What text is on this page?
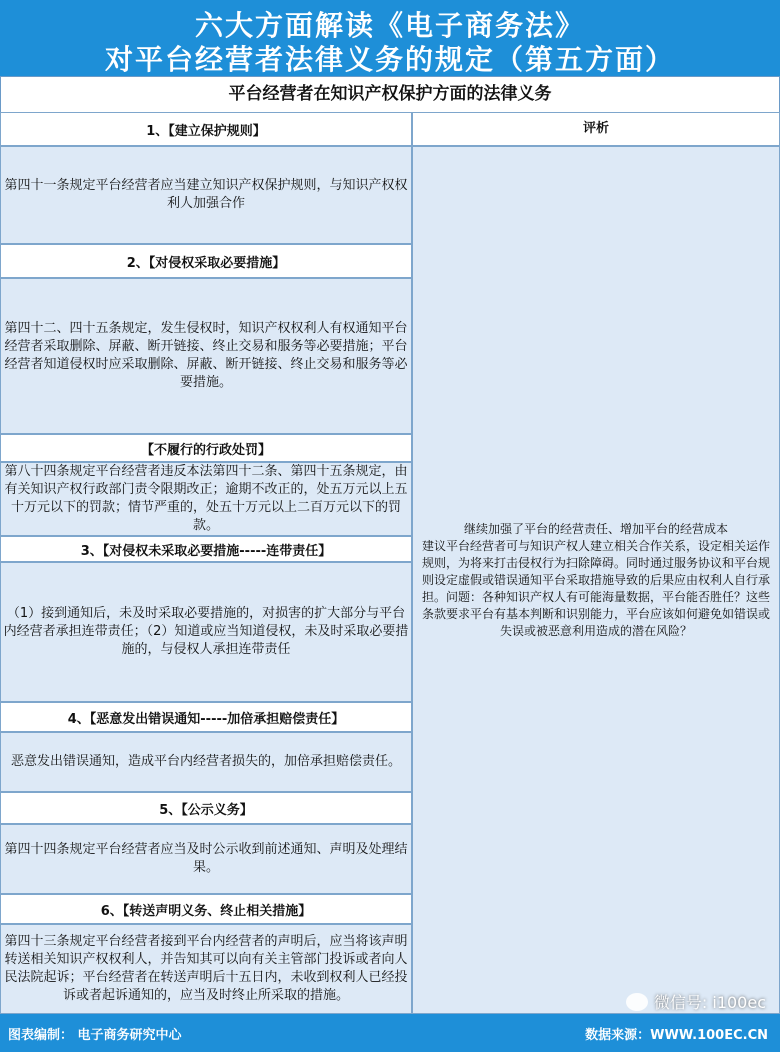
六大方面解读《电子商务法》
对平台经营者法律义务的规定（第五方面）
平台经营者在知识产权保护方面的法律义务
1、【建立保护规则】
第四十一条规定平台经营者应当建立知识产权保护规则，与知识产权权利人加强合作
2、【对侵权采取必要措施】
第四十二、四十五条规定，发生侵权时，知识产权权利人有权通知平台经营者采取删除、屏蔽、断开链接、终止交易和服务等必要措施；平台经营者知道侵权时应采取删除、屏蔽、断开链接、终止交易和服务等必要措施。
【不履行的行政处罚】
第八十四条规定平台经营者违反本法第四十二条、第四十五条规定，由有关知识产权行政部门责令限期改正；逾期不改正的，处五万元以上五十万元以下的罚款；情节严重的，处五十万元以上二百万元以下的罚款。
3、【对侵权未采取必要措施-----连带责任】
（1）接到通知后，未及时采取必要措施的，对损害的扩大部分与平台内经营者承担连带责任；（2）知道或应当知道侵权，未及时采取必要措施的，与侵权人承担连带责任
4、【恶意发出错误通知-----加倍承担赔偿责任】
恶意发出错误通知，造成平台内经营者损失的，加倍承担赔偿责任。
5、【公示义务】
第四十四条规定平台经营者应当及时公示收到前述通知、声明及处理结果。
6、【转送声明义务、终止相关措施】
第四十三条规定平台经营者接到平台内经营者的声明后，应当将该声明转送相关知识产权权利人，并告知其可以向有关主管部门投诉或者向人民法院起诉；平台经营者在转送声明后十五日内，未收到权利人已经投诉或者起诉通知的，应当及时终止所采取的措施。
评析
继续加强了平台的经营责任、增加平台的经营成本
建议平台经营者可与知识产权人建立相关合作关系，设定相关运作规则，为将来打击侵权行为扫除障碍。同时通过服务协议和平台规则设定虚假或错误通知平台采取措施导致的后果应由权利人自行承担。问题：各种知识产权人有可能海量数据，平台能否胜任？这些条款要求平台有基本判断和识别能力，平台应该如何避免如错误或失误或被恶意利用造成的潜在风险？
微信号: i100ec
图表编制： 电子商务研究中心	数据来源：WWW.100EC.CN
